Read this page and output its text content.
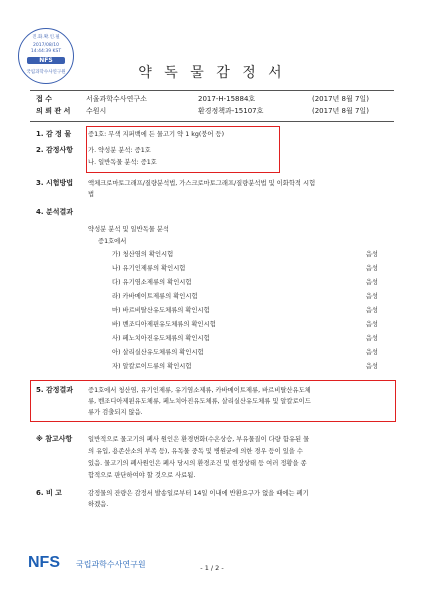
진.화.확.인.필
2017/08/10
14:44:39 KST
NFS
국립과학수사연구원	약 독 물 감 정 서
접 수	서울과학수사연구소	2017-H-15884호	(2017년 8월 7일)
의 뢰 관 서 수원시	환경정책과-15107호	(2017년 8월 7일)
1. 감 정 물	증1호: 무색 지퍼백에 든 물고기 약 1 kg(붕어 등)
2. 감정사항 가. 약성분 분석: 증1호
나. 일반독물 분석: 증1호
3. 시험방법 액체크로마토그래프/질량분석법, 가스크로마토그래프/질량분석법 및 이화학적 시험
법
4. 분석결과
약성분 분석 및 일반독물 분석
증1호에서
가) 청산염의 확인시험	음성
나) 유기인제류의 확인시험	음성
다) 유기염소제류의 확인시험	음성
라) 카바메이트제류의 확인시험	음성
마) 바르비탈산유도체류의 확인시험	음성
바) 벤조디아제핀유도체류의 확인시험	음성
사) 페노치아진유도체류의 확인시험	음성
아) 살리실산유도체류의 확인시험	음성
자) 알칼로이드류의 확인시험	음성
5. 감정결과 증1호에서 청산염, 유기인제류, 유기염소제류, 카바메이트제류, 바르비탈산유도체
류, 벤조디아제핀유도체류, 페노치아진유도체류, 살리실산유도체류 및 알칼로이드
류가 검출되지 않음.
※ 참고사항 일반적으로 물고기의 폐사 원인은 환경변화(수온상승, 부유물질이 다량 함유된 물
의 유입, 용존산소의 부족 등), 유독물 중독 및 병원균에 의한 경우 등이 있을 수
있음. 물고기의 폐사원인은 폐사 당시의 환경조건 및 현장상태 등 여러 정황을 종
합적으로 판단하여야 할 것으로 사료됨.
6. 비 고	감정물의 잔량은 감정서 발송일로부터 14일 이내에 반환요구가 없을 때에는 폐기
하겠음.
NFS 국립과학수사연구원	- 1 / 2 -
